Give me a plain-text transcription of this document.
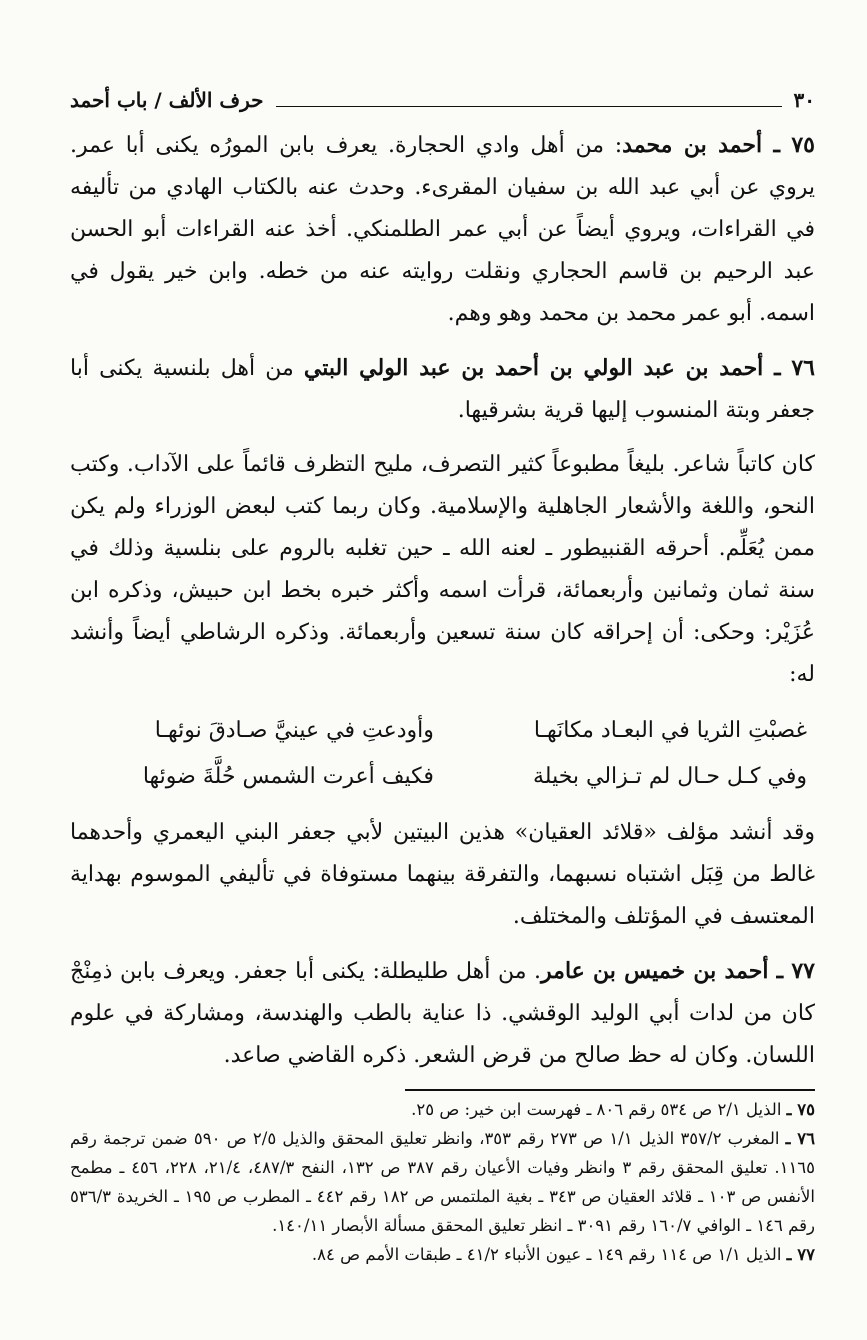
٣٠
حرف الألف / باب أحمد

٧٥ ـ أحمد بن محمد: من أهل وادي الحجارة. يعرف بابن المورُه يكنى أبا عمر. يروي عن أبي عبد الله بن سفيان المقرىء. وحدث عنه بالكتاب الهادي من تأليفه في القراءات، ويروي أيضاً عن أبي عمر الطلمنكي. أخذ عنه القراءات أبو الحسن عبد الرحيم بن قاسم الحجاري ونقلت روايته عنه من خطه. وابن خير يقول في اسمه. أبو عمر محمد بن محمد وهو وهم.

٧٦ ـ أحمد بن عبد الولي بن أحمد بن عبد الولي البتي من أهل بلنسية يكنى أبا جعفر وبتة المنسوب إليها قرية بشرقيها.

كان كاتباً شاعر. بليغاً مطبوعاً كثير التصرف، مليح التظرف قائماً على الآداب. وكتب النحو، واللغة والأشعار الجاهلية والإسلامية. وكان ربما كتب لبعض الوزراء ولم يكن ممن يُعَلِّم. أحرقه القنبيطور ـ لعنه الله ـ حين تغلبه بالروم على بنلسية وذلك في سنة ثمان وثمانين وأربعمائة، قرأت اسمه وأكثر خبره بخط ابن حبيش، وذكره ابن عُزَيْر: وحكى: أن إحراقه كان سنة تسعين وأربعمائة. وذكره الرشاطي أيضاً وأنشد له:

غصبْتِ الثريا في البعـاد مكانَهـا
وأودعتِ في عينيَّ صـادقَ نوئهـا
وفي كـل حـال لم تـزالي بخيلة
فكيف أعرت الشمس حُلَّةَ ضوئها

وقد أنشد مؤلف «قلائد العقيان» هذين البيتين لأبي جعفر البني اليعمري وأحدهما غالط من قِبَل اشتباه نسبهما، والتفرقة بينهما مستوفاة في تأليفي الموسوم بهداية المعتسف في المؤتلف والمختلف.

٧٧ ـ أحمد بن خميس بن عامر. من أهل طليطلة: يكنى أبا جعفر. ويعرف بابن ذمِنْجْ كان من لدات أبي الوليد الوقشي. ذا عناية بالطب والهندسة، ومشاركة في علوم اللسان. وكان له حظ صالح من قرض الشعر. ذكره القاضي صاعد.

٧٥ ـ الذيل ٢/١ ص ٥٣٤ رقم ٨٠٦ ـ فهرست ابن خير: ص ٢٥.

٧٦ ـ المغرب ٣٥٧/٢ الذيل ١/١ ص ٢٧٣ رقم ٣٥٣، وانظر تعليق المحقق والذيل ٢/٥ ص ٥٩٠ ضمن ترجمة رقم ١١٦٥. تعليق المحقق رقم ٣ وانظر وفيات الأعيان رقم ٣٨٧ ص ١٣٢، النفح ٤٨٧/٣، ٢١/٤، ٢٢٨، ٤٥٦ ـ مطمح الأنفس ص ١٠٣ ـ قلائد العقيان ص ٣٤٣ ـ بغية الملتمس ص ١٨٢ رقم ٤٤٢ ـ المطرب ص ١٩٥ ـ الخريدة ٥٣٦/٣ رقم ١٤٦ ـ الوافي ١٦٠/٧ رقم ٣٠٩١ ـ انظر تعليق المحقق مسألة الأبصار ١٤٠/١١.

٧٧ ـ الذيل ١/١ ص ١١٤ رقم ١٤٩ ـ عيون الأنباء ٤١/٢ ـ طبقات الأمم ص ٨٤.
